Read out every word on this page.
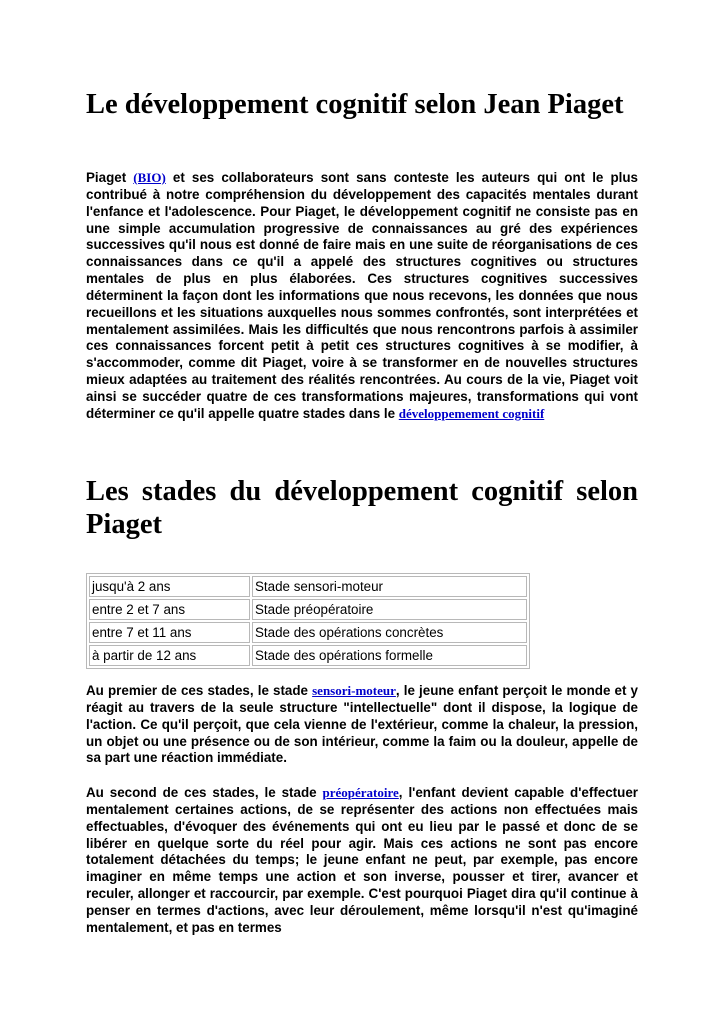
Le développement cognitif selon Jean Piaget

Piaget (BIO) et ses collaborateurs sont sans conteste les auteurs qui ont le plus contribué à notre compréhension du développement des capacités mentales durant l'enfance et l'adolescence. Pour Piaget, le développement cognitif ne consiste pas en une simple accumulation progressive de connaissances au gré des expériences successives qu'il nous est donné de faire mais en une suite de réorganisations de ces connaissances dans ce qu'il a appelé des structures cognitives ou structures mentales de plus en plus élaborées. Ces structures cognitives successives déterminent la façon dont les informations que nous recevons, les données que nous recueillons et les situations auxquelles nous sommes confrontés, sont interprétées et mentalement assimilées. Mais les difficultés que nous rencontrons parfois à assimiler ces connaissances forcent petit à petit ces structures cognitives à se modifier, à s'accommoder, comme dit Piaget, voire à se transformer en de nouvelles structures mieux adaptées au traitement des réalités rencontrées. Au cours de la vie, Piaget voit ainsi se succéder quatre de ces transformations majeures, transformations qui vont déterminer ce qu'il appelle quatre stades dans le développemement cognitif

Les stades du développement cognitif selon Piaget
jusqu'à 2 ans	Stade sensori-moteur
entre 2 et 7 ans	Stade préopératoire
entre 7 et 11 ans	Stade des opérations concrètes
à partir de 12 ans	Stade des opérations formelle

Au premier de ces stades, le stade sensori-moteur, le jeune enfant perçoit le monde et y réagit au travers de la seule structure "intellectuelle" dont il dispose, la logique de l'action. Ce qu'il perçoit, que cela vienne de l'extérieur, comme la chaleur, la pression, un objet ou une présence ou de son intérieur, comme la faim ou la douleur, appelle de sa part une réaction immédiate.

Au second de ces stades, le stade préopératoire, l'enfant devient capable d'effectuer mentalement certaines actions, de se représenter des actions non effectuées mais effectuables, d'évoquer des événements qui ont eu lieu par le passé et donc de se libérer en quelque sorte du réel pour agir. Mais ces actions ne sont pas encore totalement détachées du temps; le jeune enfant ne peut, par exemple, pas encore imaginer en même temps une action et son inverse, pousser et tirer, avancer et reculer, allonger et raccourcir, par exemple. C'est pourquoi Piaget dira qu'il continue à penser en termes d'actions, avec leur déroulement, même lorsqu'il n'est qu'imaginé mentalement, et pas en termes
